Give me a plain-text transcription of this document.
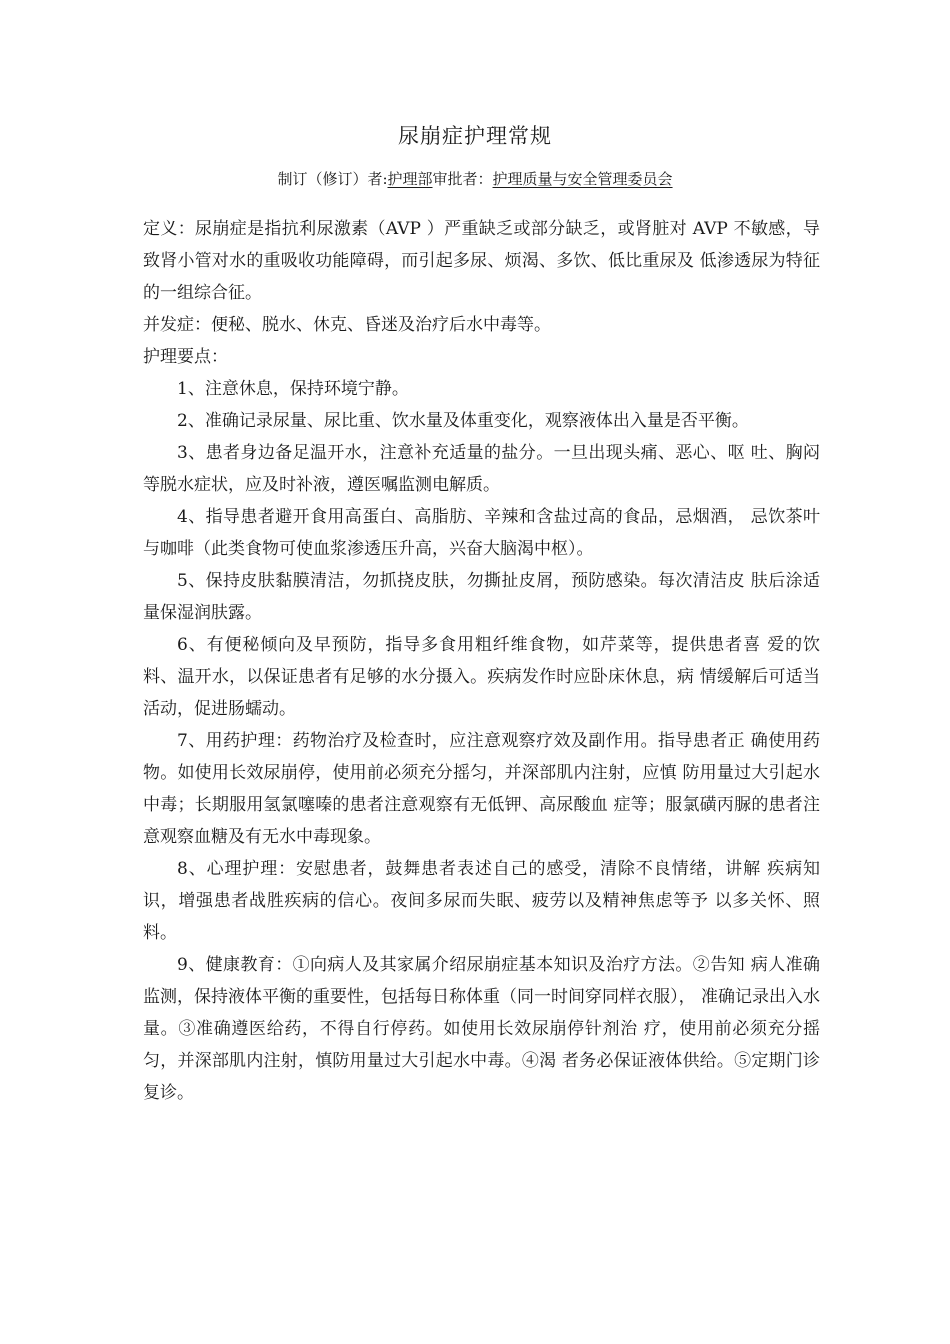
尿崩症护理常规
制订（修订）者:护理部审批者：护理质量与安全管理委员会

定义：尿崩症是指抗利尿激素（AVP ）严重缺乏或部分缺乏，或肾脏对 AVP 不敏感，导致肾小管对水的重吸收功能障碍，而引起多尿、烦渴、多饮、低比重尿及 低渗透尿为特征的一组综合征。

并发症：便秘、脱水、休克、昏迷及治疗后水中毒等。

护理要点：

1、注意休息，保持环境宁静。

2、准确记录尿量、尿比重、饮水量及体重变化，观察液体出入量是否平衡。

3、患者身边备足温开水，注意补充适量的盐分。一旦出现头痛、恶心、呕 吐、胸闷等脱水症状，应及时补液，遵医嘱监测电解质。

4、指导患者避开食用高蛋白、高脂肪、辛辣和含盐过高的食品，忌烟酒， 忌饮茶叶与咖啡（此类食物可使血浆渗透压升高，兴奋大脑渴中枢）。

5、保持皮肤黏膜清洁，勿抓挠皮肤，勿撕扯皮屑，预防感染。每次清洁皮 肤后涂适量保湿润肤露。

6、有便秘倾向及早预防，指导多食用粗纤维食物，如芹菜等，提供患者喜 爱的饮料、温开水，以保证患者有足够的水分摄入。疾病发作时应卧床休息，病 情缓解后可适当活动，促进肠蠕动。

7、用药护理：药物治疗及检查时，应注意观察疗效及副作用。指导患者正 确使用药物。如使用长效尿崩停，使用前必须充分摇匀，并深部肌内注射，应慎 防用量过大引起水中毒；长期服用氢氯噻嗪的患者注意观察有无低钾、高尿酸血 症等；服氯磺丙脲的患者注意观察血糖及有无水中毒现象。

8、心理护理：安慰患者，鼓舞患者表述自己的感受，清除不良情绪，讲解 疾病知识，增强患者战胜疾病的信心。夜间多尿而失眠、疲劳以及精神焦虑等予 以多关怀、照料。

9、健康教育：①向病人及其家属介绍尿崩症基本知识及治疗方法。②告知 病人准确监测，保持液体平衡的重要性，包括每日称体重（同一时间穿同样衣服）， 准确记录出入水量。③准确遵医给药，不得自行停药。如使用长效尿崩停针剂治 疗，使用前必须充分摇匀，并深部肌内注射，慎防用量过大引起水中毒。④渴 者务必保证液体供给。⑤定期门诊复诊。
